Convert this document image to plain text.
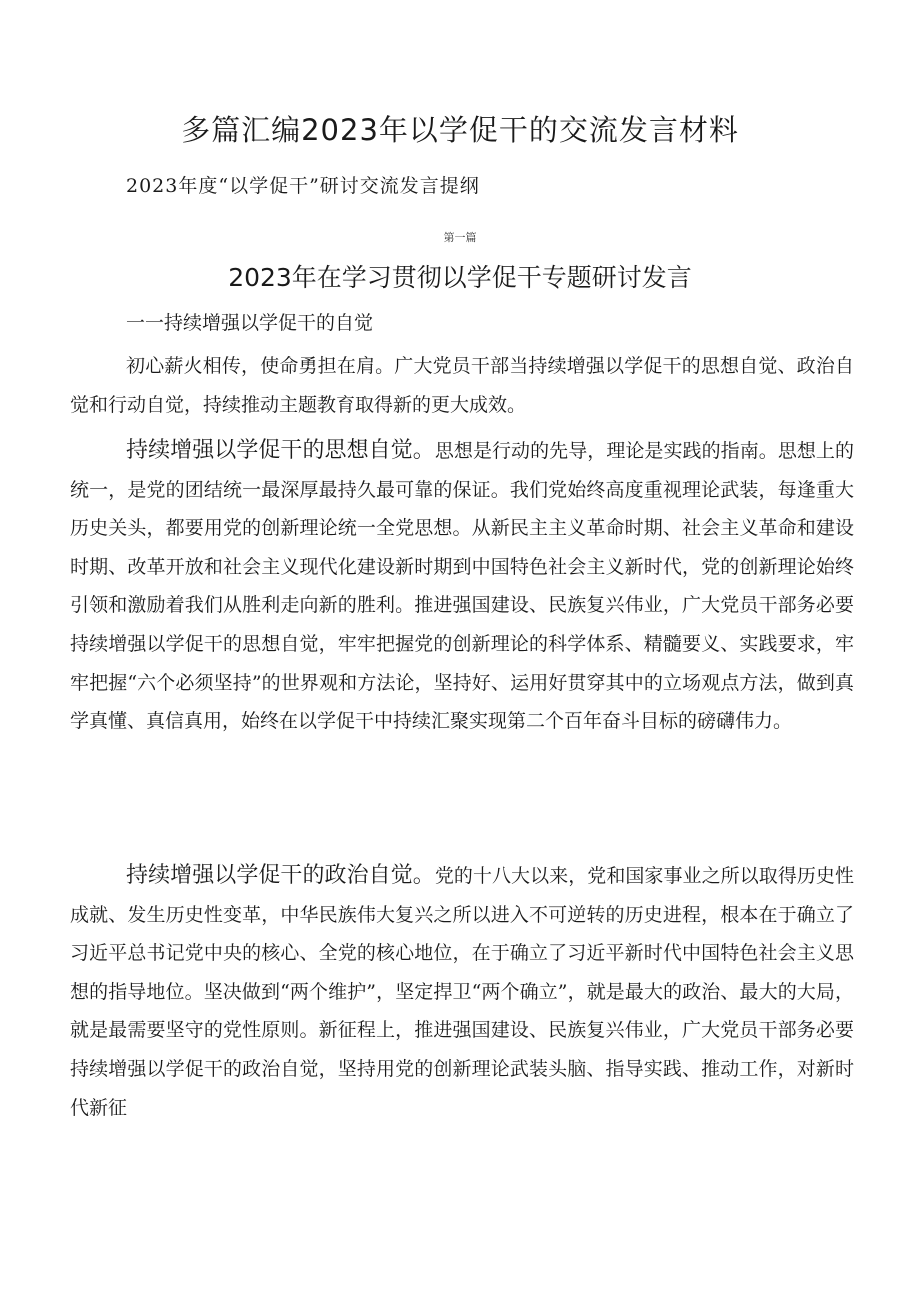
多篇汇编2023年以学促干的交流发言材料

2023年度“以学促干”研讨交流发言提纲

第一篇

2023年在学习贯彻以学促干专题研讨发言

一一持续增强以学促干的自觉

初心薪火相传，使命勇担在肩。广大党员干部当持续增强以学促干的思想自觉、政治自觉和行动自觉，持续推动主题教育取得新的更大成效。

持续增强以学促干的思想自觉。思想是行动的先导，理论是实践的指南。思想上的统一，是党的团结统一最深厚最持久最可靠的保证。我们党始终高度重视理论武装，每逢重大历史关头，都要用党的创新理论统一全党思想。从新民主主义革命时期、社会主义革命和建设时期、改革开放和社会主义现代化建设新时期到中国特色社会主义新时代，党的创新理论始终引领和激励着我们从胜利走向新的胜利。推进强国建设、民族复兴伟业，广大党员干部务必要持续增强以学促干的思想自觉，牢牢把握党的创新理论的科学体系、精髓要义、实践要求，牢牢把握“六个必须坚持”的世界观和方法论，坚持好、运用好贯穿其中的立场观点方法，做到真学真懂、真信真用，始终在以学促干中持续汇聚实现第二个百年奋斗目标的磅礴伟力。

持续增强以学促干的政治自觉。党的十八大以来，党和国家事业之所以取得历史性成就、发生历史性变革，中华民族伟大复兴之所以进入不可逆转的历史进程，根本在于确立了习近平总书记党中央的核心、全党的核心地位，在于确立了习近平新时代中国特色社会主义思想的指导地位。坚决做到“两个维护”，坚定捍卫“两个确立”，就是最大的政治、最大的大局，就是最需要坚守的党性原则。新征程上，推进强国建设、民族复兴伟业，广大党员干部务必要持续增强以学促干的政治自觉，坚持用党的创新理论武装头脑、指导实践、推动工作，对新时代新征
